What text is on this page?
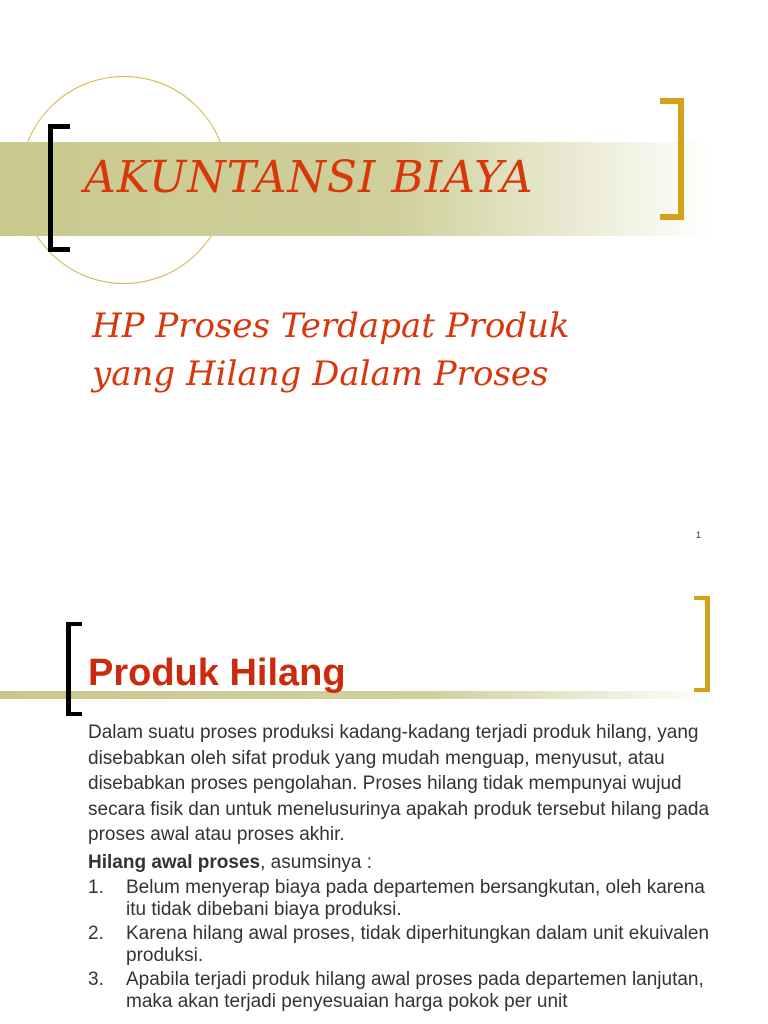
AKUNTANSI BIAYA
HP Proses Terdapat Produk
yang Hilang Dalam Proses
1
Produk Hilang

Dalam suatu proses produksi kadang-kadang terjadi produk hilang, yang disebabkan oleh sifat produk yang mudah menguap, menyusut, atau disebabkan proses pengolahan. Proses hilang tidak mempunyai wujud secara fisik dan untuk menelusurinya apakah produk tersebut hilang pada proses awal atau proses akhir.

Hilang awal proses, asumsinya :

1. Belum menyerap biaya pada departemen bersangkutan, oleh karena itu tidak dibebani biaya produksi.
2. Karena hilang awal proses, tidak diperhitungkan dalam unit ekuivalen produksi.
3. Apabila terjadi produk hilang awal proses pada departemen lanjutan, maka akan terjadi penyesuaian harga pokok per unit
